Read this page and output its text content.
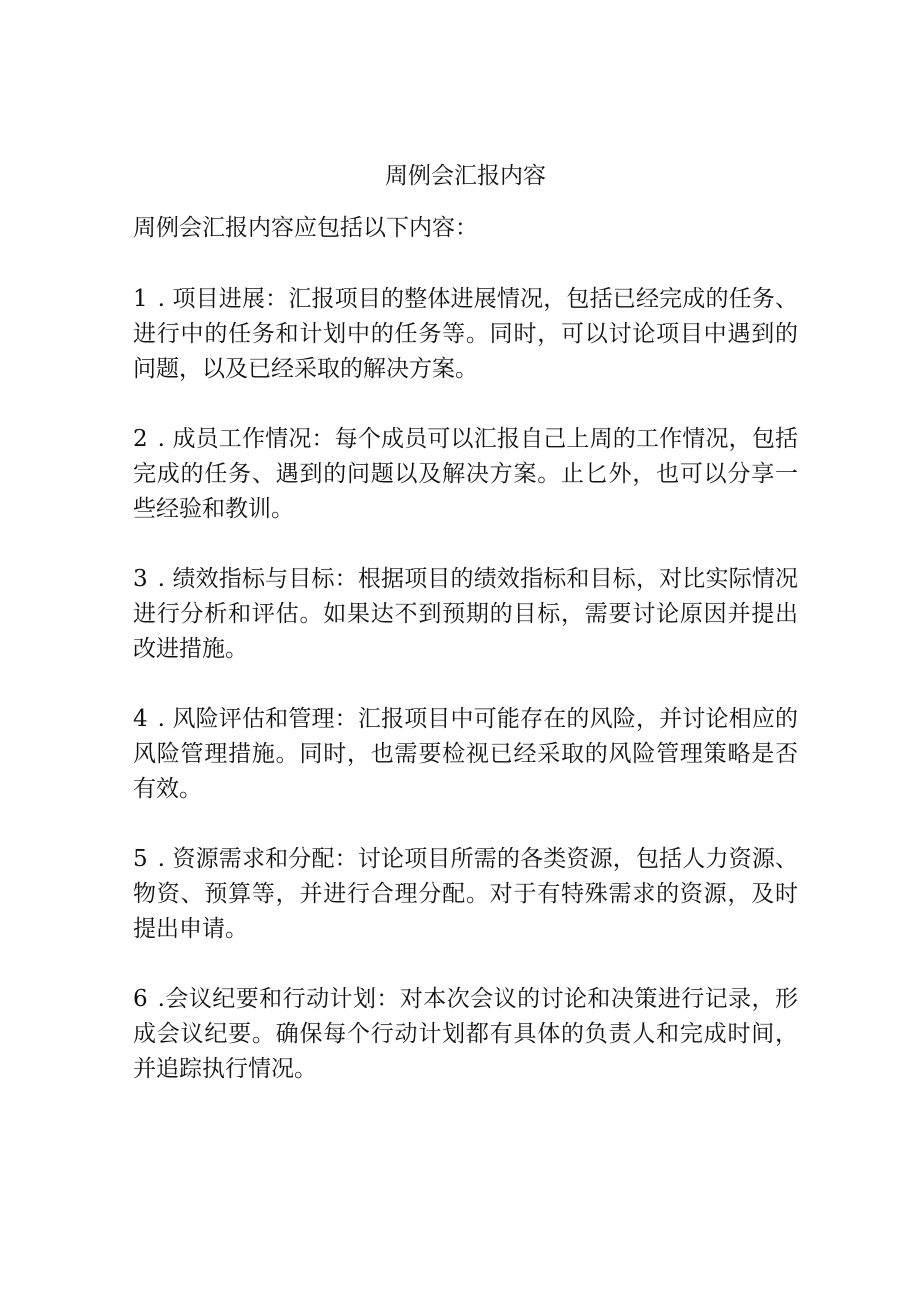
周例会汇报内容

周例会汇报内容应包括以下内容：

1 . 项目进展：汇报项目的整体进展情况，包括已经完成的任务、进行中的任务和计划中的任务等。同时，可以讨论项目中遇到的问题，以及已经采取的解决方案。

2 . 成员工作情况：每个成员可以汇报自己上周的工作情况，包括完成的任务、遇到的问题以及解决方案。止匕外，也可以分享一些经验和教训。

3 . 绩效指标与目标：根据项目的绩效指标和目标，对比实际情况进行分析和评估。如果达不到预期的目标，需要讨论原因并提出改进措施。

4 . 风险评估和管理：汇报项目中可能存在的风险，并讨论相应的风险管理措施。同时，也需要检视已经采取的风险管理策略是否有效。

5 . 资源需求和分配：讨论项目所需的各类资源，包括人力资源、物资、预算等，并进行合理分配。对于有特殊需求的资源，及时提出申请。

6 .会议纪要和行动计划：对本次会议的讨论和决策进行记录，形成会议纪要。确保每个行动计划都有具体的负责人和完成时间，并追踪执行情况。
